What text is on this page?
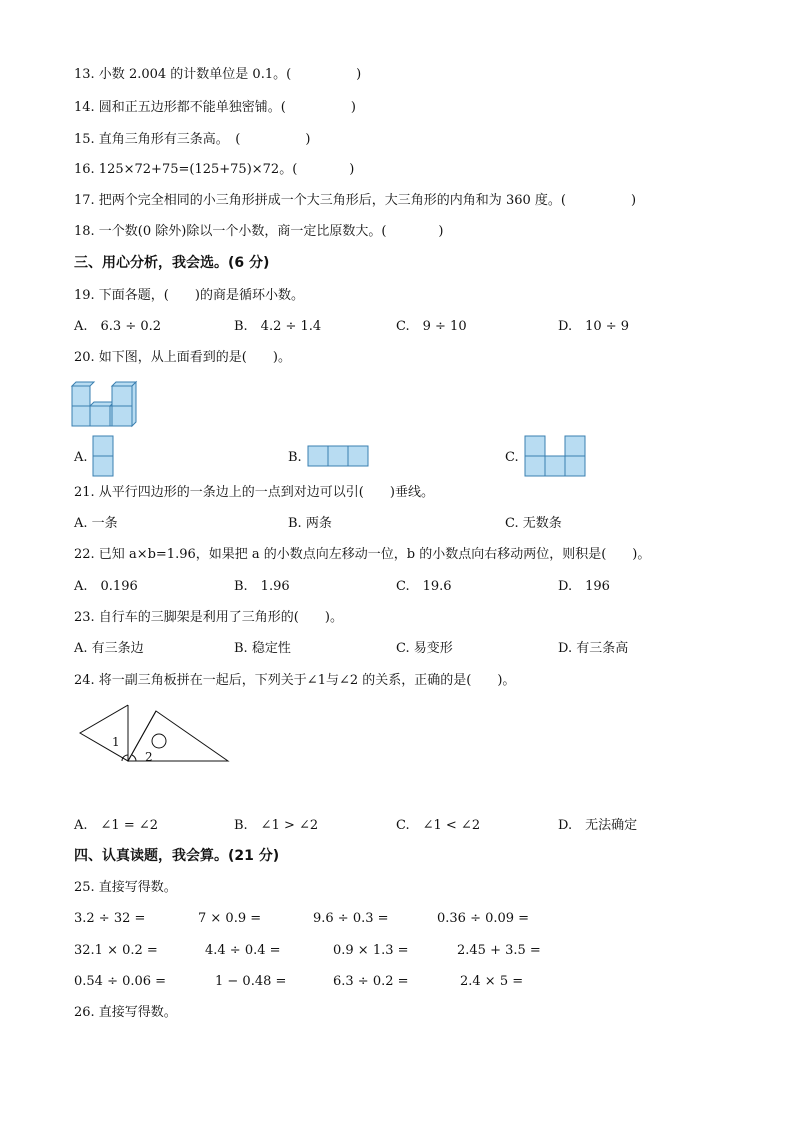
13. 小数 2.004 的计数单位是 0.1。(　　　　　)
14. 圆和正五边形都不能单独密铺。(　　　　　)
15. 直角三角形有三条高。　(　　　　　)
16. 125×72+75=(125+75)×72。(　　　　)
17. 把两个完全相同的小三角形拼成一个大三角形后，大三角形的内角和为 360 度。(　　　　　)
18. 一个数(0 除外)除以一个小数，商一定比原数大。(　　　　)
三、用心分析，我会选。(6 分)
19. 下面各题，(　　)的商是循环小数。
A.　6.3 ÷ 0.2	B.　4.2 ÷ 1.4	C.　9 ÷ 10	D.　10 ÷ 9
20. 如下图，从上面看到的是(　　)。
A.	B.	C.
21. 从平行四边形的一条边上的一点到对边可以引(　　)垂线。
A. 一条	B. 两条	C. 无数条
22. 已知 a×b=1.96，如果把 a 的小数点向左移动一位，b 的小数点向右移动两位，则积是(　　)。
A.　0.196	B.　1.96	C.　19.6	D.　196
23. 自行车的三脚架是利用了三角形的(　　)。
A. 有三条边	B. 稳定性	C. 易变形	D. 有三条高
24. 将一副三角板拼在一起后，下列关于∠1与∠2 的关系，正确的是(　　)。
1
2
A.　∠1 = ∠2	B.　∠1 > ∠2	C.　∠1 < ∠2	D.　无法确定
四、认真读题，我会算。(21 分)
25. 直接写得数。
3.2 ÷ 32 =	7 × 0.9 =	9.6 ÷ 0.3 =	0.36 ÷ 0.09 =
32.1 × 0.2 =	4.4 ÷ 0.4 =	0.9 × 1.3 =	2.45 + 3.5 =
0.54 ÷ 0.06 =	1 − 0.48 =	6.3 ÷ 0.2 =	2.4 × 5 =
26. 直接写得数。
